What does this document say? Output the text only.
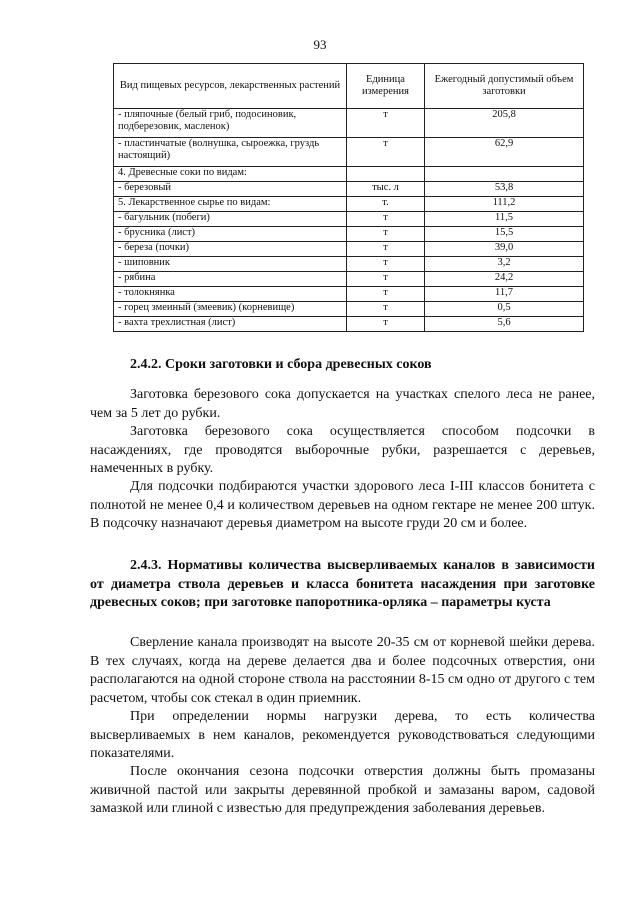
93
Вид пищевых ресурсов, лекарственных растений	Единица измерения	Ежегодный допустимый объем заготовки
- пляпочные (белый гриб, подосиновик, подберезовик, масленок)	т	205,8
- пластинчатые (волнушка, сыроежка, груздь настоящий)	т	62,9
4. Древесные соки по видам:		
- березовый	тыс. л	53,8
5. Лекарственное сырье по видам:	т.	111,2
- багульник (побеги)	т	11,5
- брусника (лист)	т	15,5
- береза (почки)	т	39,0
- шиповник	т	3,2
- рябина	т	24,2
- толокнянка	т	11,7
- горец змеиный (змеевик) (корневище)	т	0,5
- вахта трехлистная (лист)	т	5,6
2.4.2. Сроки заготовки и сбора древесных соков

Заготовка березового сока допускается на участках спелого леса не ранее, чем за 5 лет до рубки.

Заготовка березового сока осуществляется способом подсочки в насаждениях, где проводятся выборочные рубки, разрешается с деревьев, намеченных в рубку.

Для подсочки подбираются участки здорового леса I-III классов бонитета с полнотой не менее 0,4 и количеством деревьев на одном гектаре не менее 200 штук. В подсочку назначают деревья диаметром на высоте груди 20 см и более.

2.4.3. Нормативы количества высверливаемых каналов в зависимости от диаметра ствола деревьев и класса бонитета насаждения при заготовке древесных соков; при заготовке папоротника-орляка – параметры куста

Сверление канала производят на высоте 20-35 см от корневой шейки дерева. В тех случаях, когда на дереве делается два и более подсочных отверстия, они располагаются на одной стороне ствола на расстоянии 8-15 см одно от другого с тем расчетом, чтобы сок стекал в один приемник.

При определении нормы нагрузки дерева, то есть количества высверливаемых в нем каналов, рекомендуется руководствоваться следующими показателями.

После окончания сезона подсочки отверстия должны быть промазаны живичной пастой или закрыты деревянной пробкой и замазаны варом, садовой замазкой или глиной с известью для предупреждения заболевания деревьев.
